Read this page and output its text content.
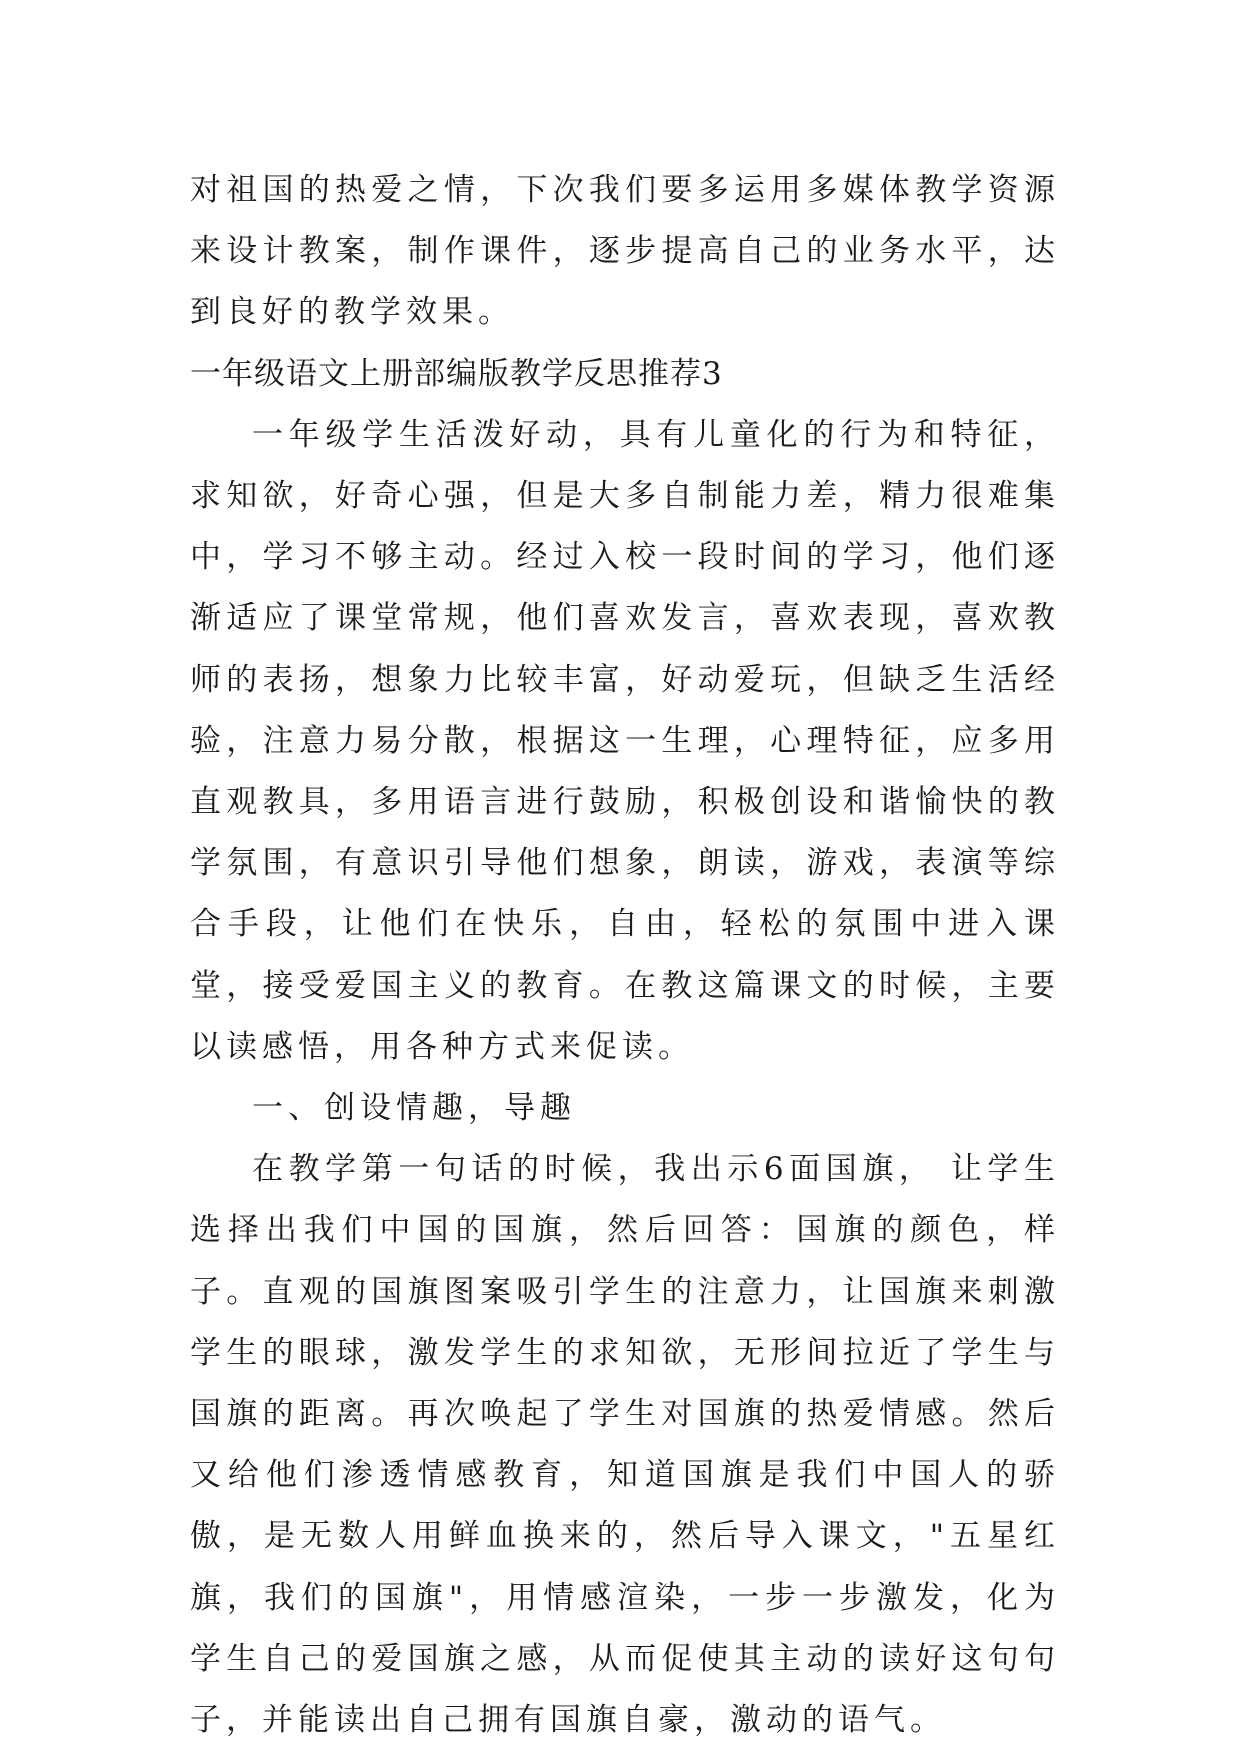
对祖国的热爱之情，下次我们要多运用多媒体教学资源来设计教案，制作课件，逐步提高自己的业务水平，达到良好的教学效果。

一年级语文上册部编版教学反思推荐3

一年级学生活泼好动，具有儿童化的行为和特征，求知欲，好奇心强，但是大多自制能力差，精力很难集中，学习不够主动。经过入校一段时间的学习，他们逐渐适应了课堂常规，他们喜欢发言，喜欢表现，喜欢教师的表扬，想象力比较丰富，好动爱玩，但缺乏生活经验，注意力易分散，根据这一生理，心理特征，应多用直观教具，多用语言进行鼓励，积极创设和谐愉快的教学氛围，有意识引导他们想象，朗读，游戏，表演等综合手段，让他们在快乐，自由，轻松的氛围中进入课堂，接受爱国主义的教育。在教这篇课文的时候，主要以读感悟，用各种方式来促读。

一、创设情趣，导趣

在教学第一句话的时候，我出示6面国旗， 让学生选择出我们中国的国旗，然后回答：国旗的颜色，样子。直观的国旗图案吸引学生的注意力，让国旗来刺激学生的眼球，激发学生的求知欲，无形间拉近了学生与国旗的距离。再次唤起了学生对国旗的热爱情感。然后又给他们渗透情感教育，知道国旗是我们中国人的骄傲，是无数人用鲜血换来的，然后导入课文，"五星红旗，我们的国旗"，用情感渲染，一步一步激发，化为学生自己的爱国旗之感，从而促使其主动的读好这句句子，并能读出自己拥有国旗自豪，激动的语气。
